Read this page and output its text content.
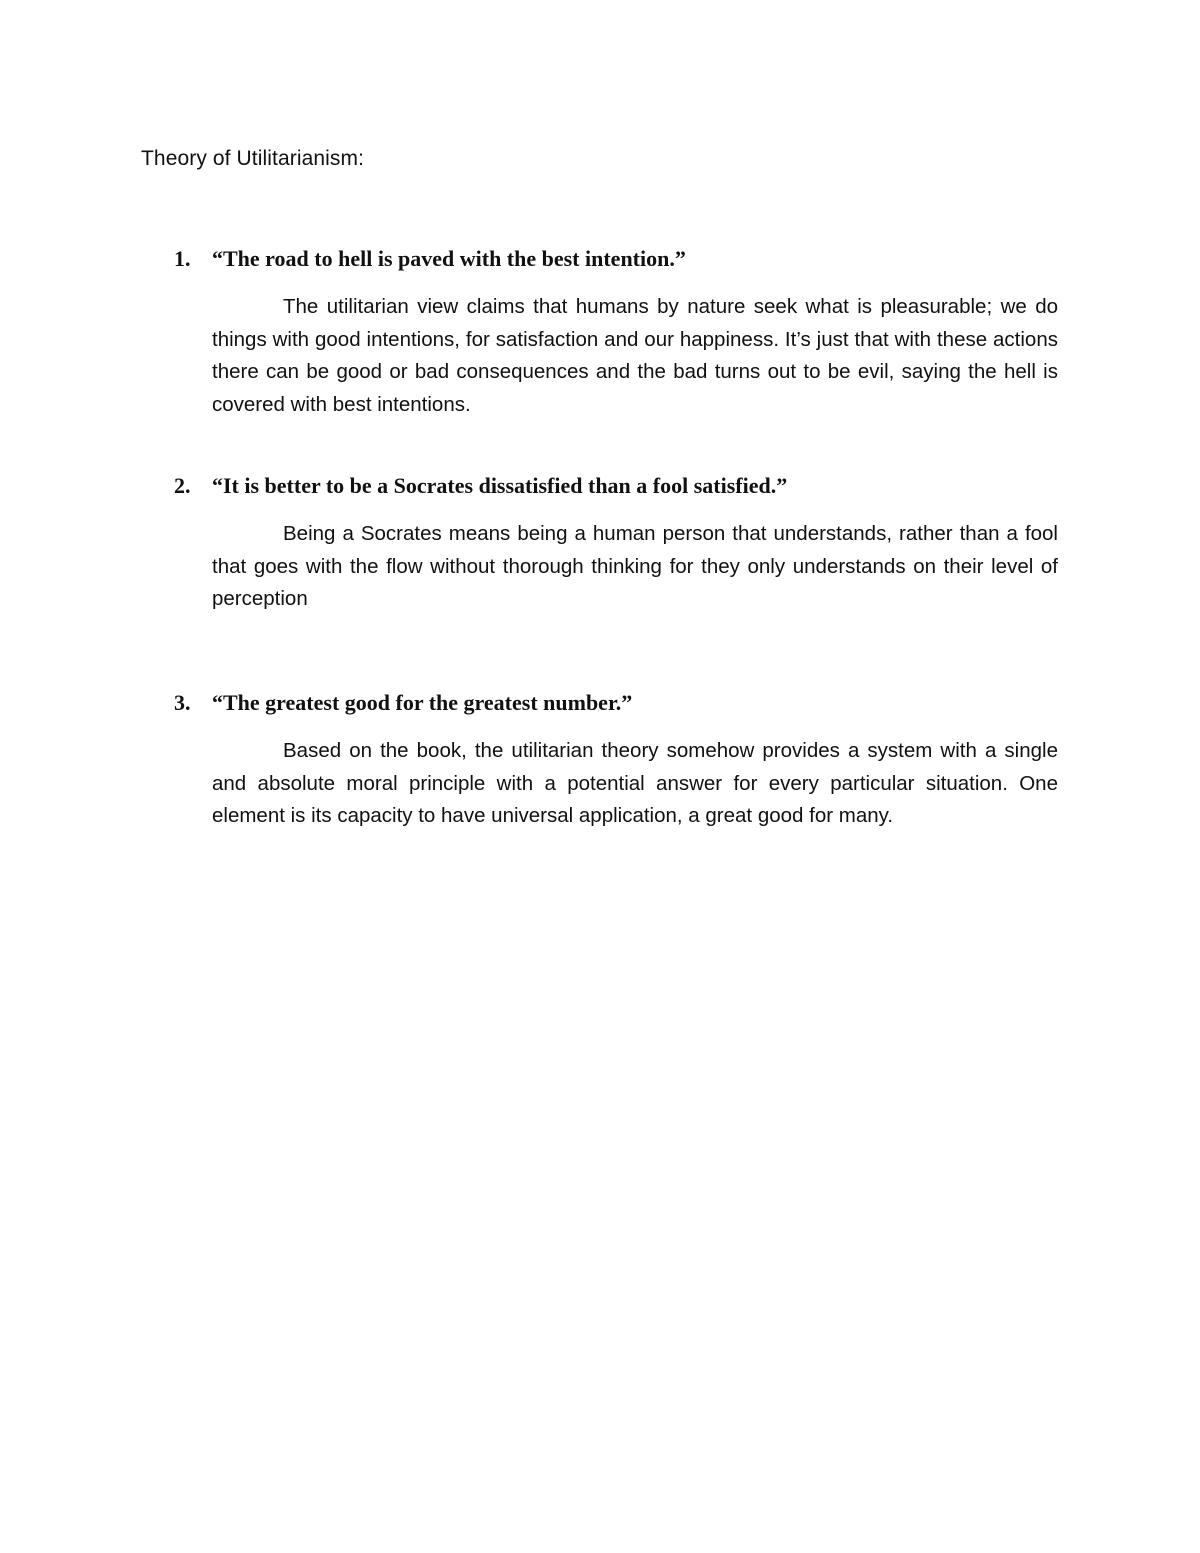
Theory of Utilitarianism:
1. “The road to hell is paved with the best intention.”

The utilitarian view claims that humans by nature seek what is pleasurable; we do things with good intentions, for satisfaction and our happiness. It’s just that with these actions there can be good or bad consequences and the bad turns out to be evil, saying the hell is covered with best intentions.

2. “It is better to be a Socrates dissatisfied than a fool satisfied.”

Being a Socrates means being a human person that understands, rather than a fool that goes with the flow without thorough thinking for they only understands on their level of perception

3. “The greatest good for the greatest number.”

Based on the book, the utilitarian theory somehow provides a system with a single and absolute moral principle with a potential answer for every particular situation. One element is its capacity to have universal application, a great good for many.
